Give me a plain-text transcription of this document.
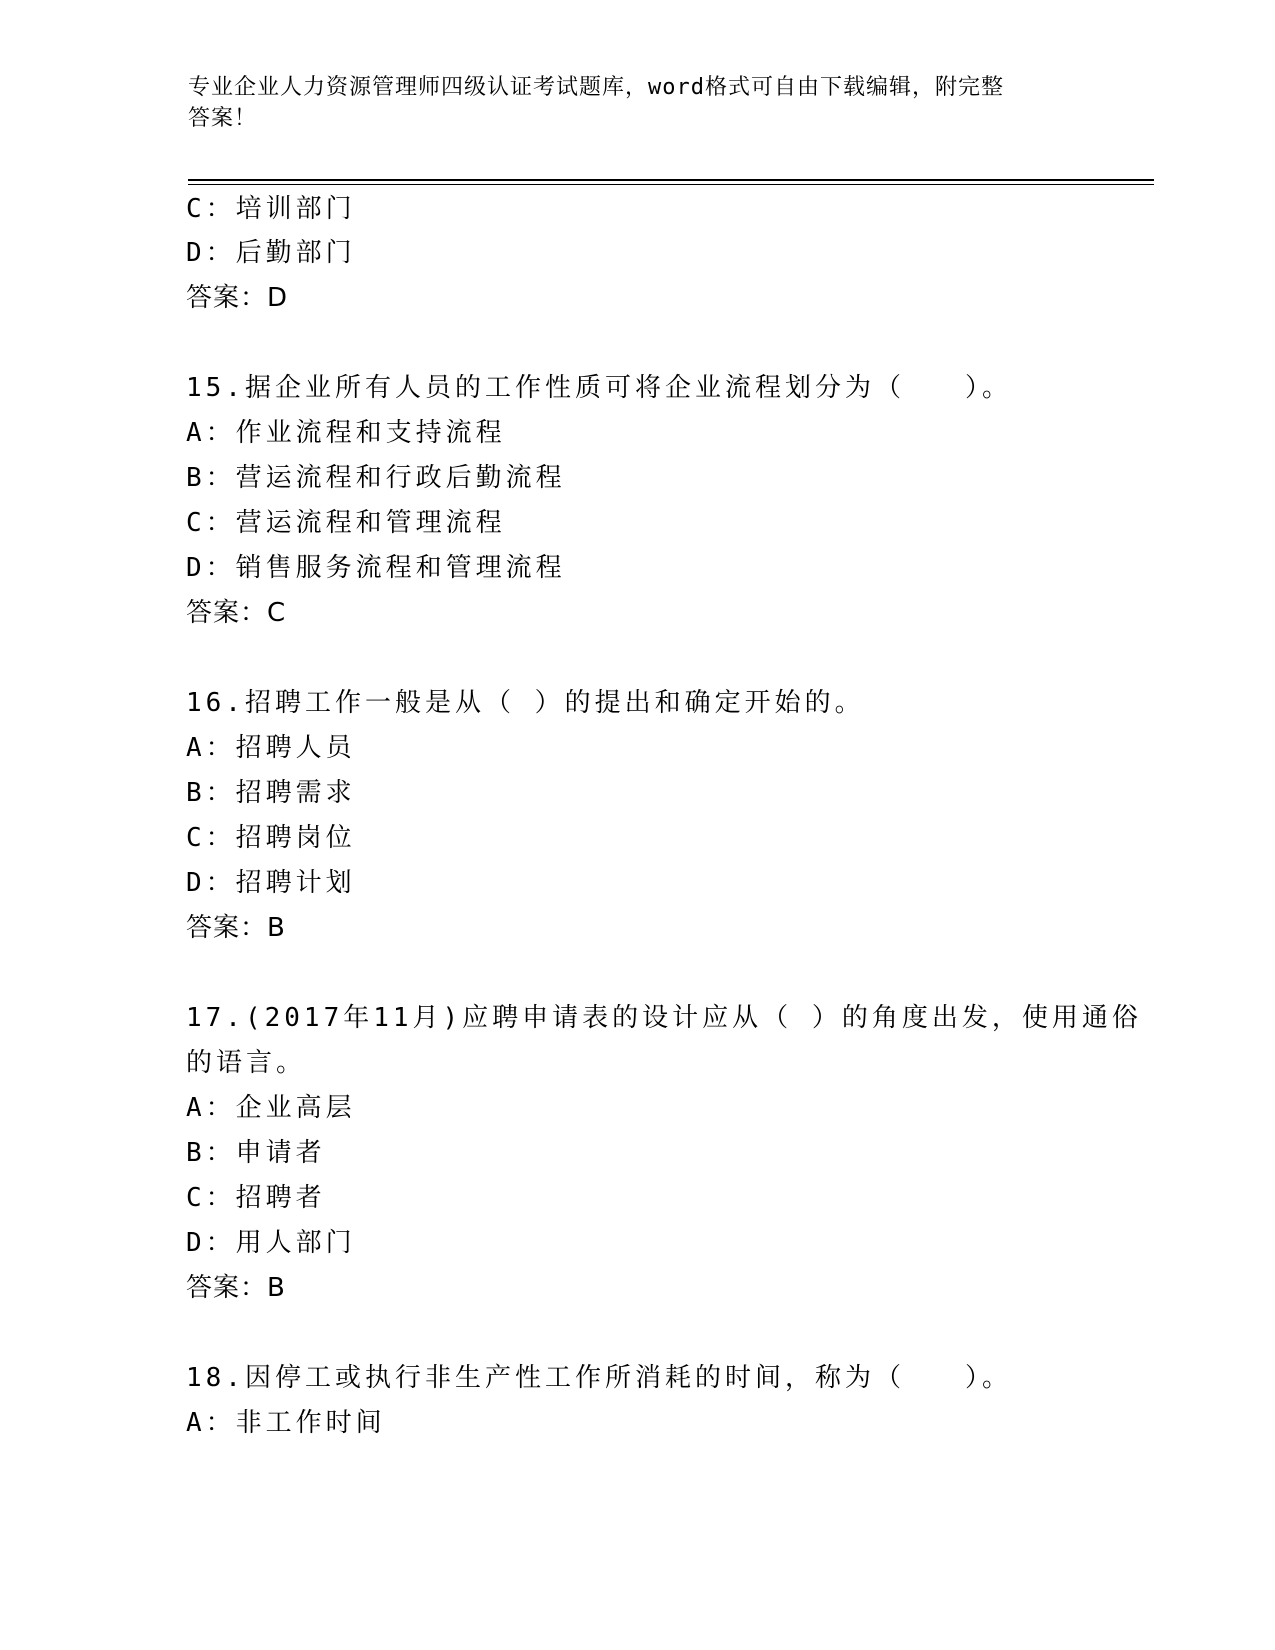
专业企业人力资源管理师四级认证考试题库，word格式可自由下载编辑，附完整
答案！
C：培训部门
D：后勤部门
答案：D
15.据企业所有人员的工作性质可将企业流程划分为（　　）。
A：作业流程和支持流程
B：营运流程和行政后勤流程
C：营运流程和管理流程
D：销售服务流程和管理流程
答案：C
16.招聘工作一般是从（ ）的提出和确定开始的。
A：招聘人员
B：招聘需求
C：招聘岗位
D：招聘计划
答案：B
17.(2017年11月)应聘申请表的设计应从（ ）的角度出发，使用通俗
的语言。
A：企业高层
B：申请者
C：招聘者
D：用人部门
答案：B
18.因停工或执行非生产性工作所消耗的时间，称为（　　）。
A：非工作时间
